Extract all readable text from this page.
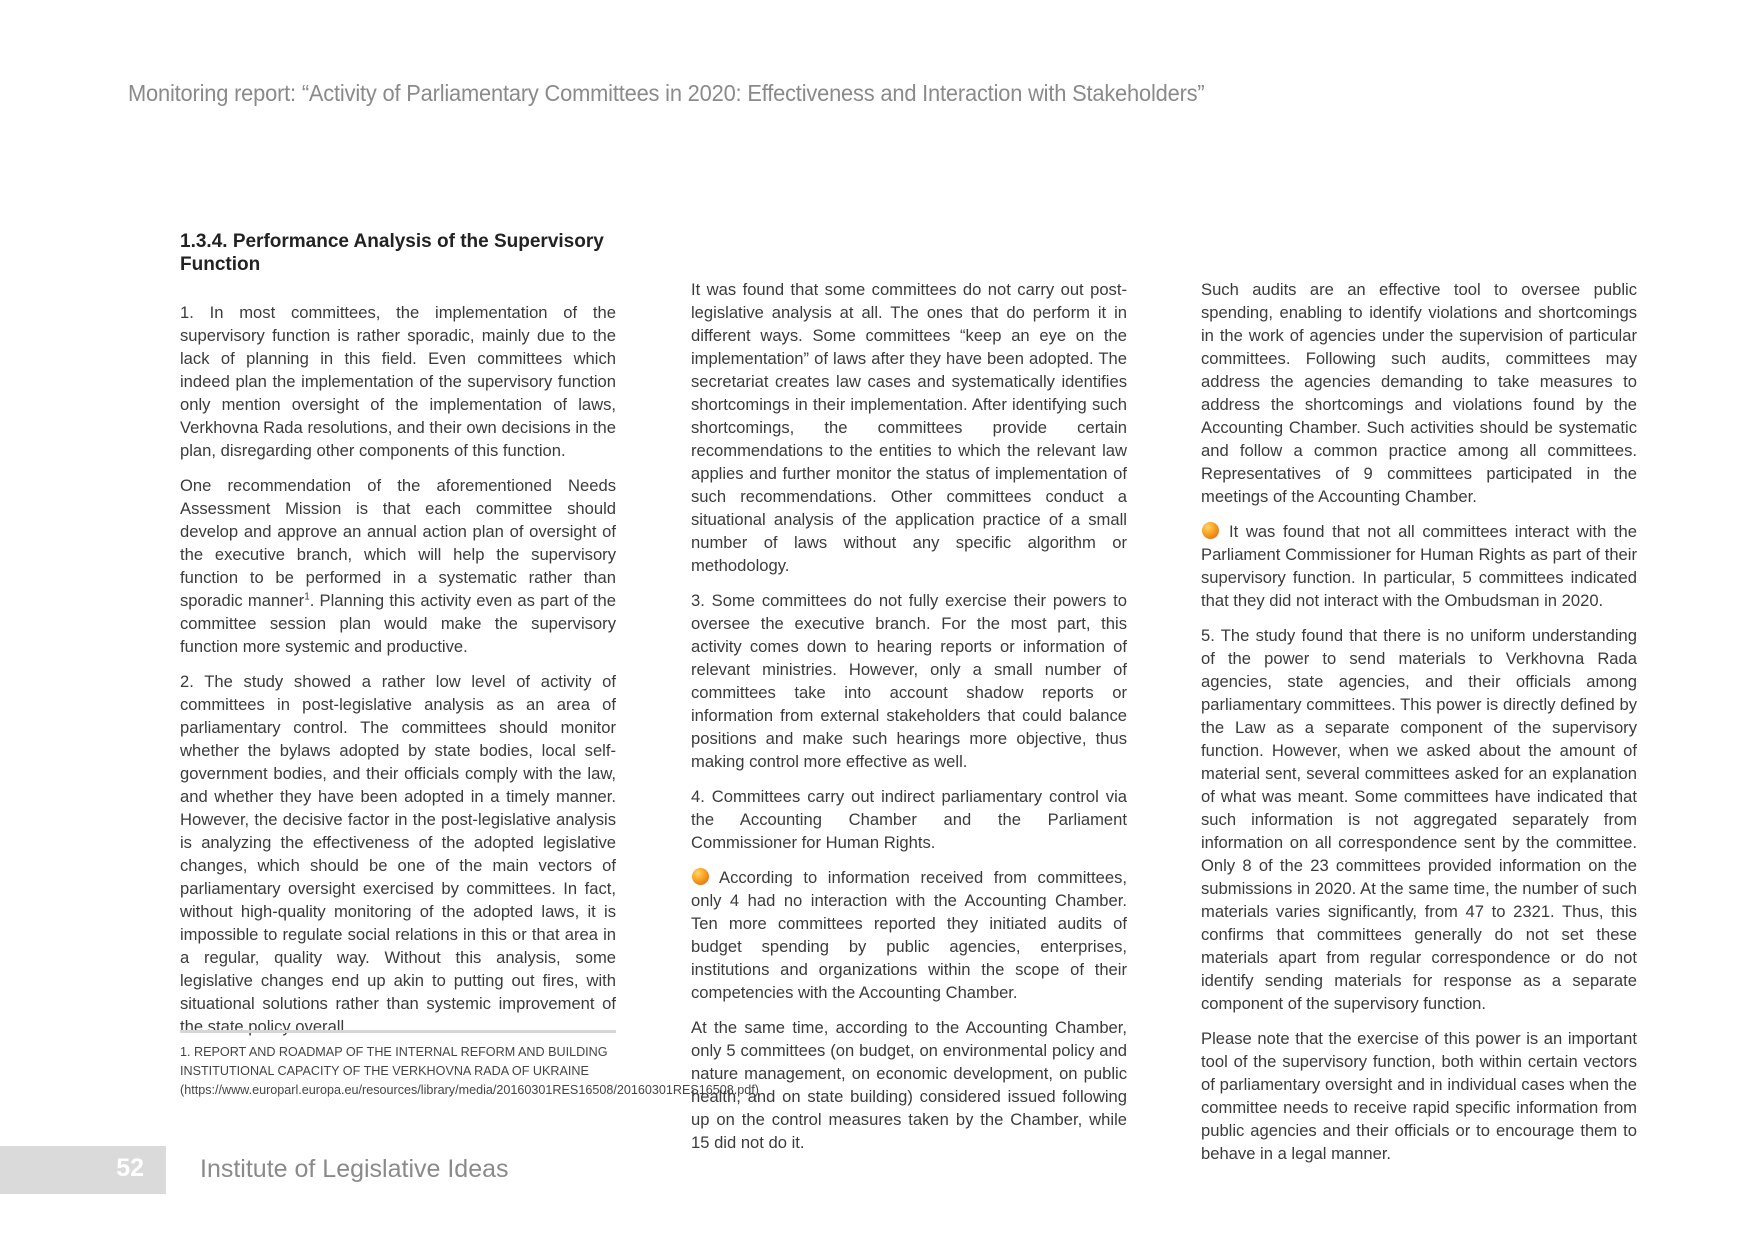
Monitoring report: “Activity of Parliamentary Committees in 2020: Effectiveness and Interaction with Stakeholders”
1.3.4. Performance Analysis of the Supervisory Function

1. In most committees, the implementation of the supervisory function is rather sporadic, mainly due to the lack of planning in this field. Even committees which indeed plan the implementation of the supervisory function only mention oversight of the implementation of laws, Verkhovna Rada resolutions, and their own decisions in the plan, disregarding other components of this function.

One recommendation of the aforementioned Needs Assessment Mission is that each committee should develop and approve an annual action plan of oversight of the executive branch, which will help the supervisory function to be performed in a systematic rather than sporadic manner$^1$. Planning this activity even as part of the committee session plan would make the supervisory function more systemic and productive.

2. The study showed a rather low level of activity of committees in post-legislative analysis as an area of parliamentary control. The committees should monitor whether the bylaws adopted by state bodies, local self-government bodies, and their officials comply with the law, and whether they have been adopted in a timely manner. However, the decisive factor in the post-legislative analysis is analyzing the effectiveness of the adopted legislative changes, which should be one of the main vectors of parliamentary oversight exercised by committees. In fact, without high-quality monitoring of the adopted laws, it is impossible to regulate social relations in this or that area in a regular, quality way. Without this analysis, some legislative changes end up akin to putting out fires, with situational solutions rather than systemic improvement of the state policy overall.

1. REPORT AND ROADMAP OF THE INTERNAL REFORM AND BUILDING INSTITUTIONAL CAPACITY OF THE VERKHOVNA RADA OF UKRAINE (https://www.europarl.europa.eu/resources/library/media/20160301RES16508/20160301RES16508.pdf)

It was found that some committees do not carry out post-legislative analysis at all. The ones that do perform it in different ways. Some committees “keep an eye on the implementation” of laws after they have been adopted. The secretariat creates law cases and systematically identifies shortcomings in their implementation. After identifying such shortcomings, the committees provide certain recommendations to the entities to which the relevant law applies and further monitor the status of implementation of such recommendations. Other committees conduct a situational analysis of the application practice of a small number of laws without any specific algorithm or methodology.

3. Some committees do not fully exercise their powers to oversee the executive branch. For the most part, this activity comes down to hearing reports or information of relevant ministries. However, only a small number of committees take into account shadow reports or information from external stakeholders that could balance positions and make such hearings more objective, thus making control more effective as well.

4. Committees carry out indirect parliamentary control via the Accounting Chamber and the Parliament Commissioner for Human Rights.

According to information received from committees, only 4 had no interaction with the Accounting Chamber. Ten more committees reported they initiated audits of budget spending by public agencies, enterprises, institutions and organizations within the scope of their competencies with the Accounting Chamber.

At the same time, according to the Accounting Chamber, only 5 committees (on budget, on environmental policy and nature management, on economic development, on public health, and on state building) considered issued following up on the control measures taken by the Chamber, while 15 did not do it.

Such audits are an effective tool to oversee public spending, enabling to identify violations and shortcomings in the work of agencies under the supervision of particular committees. Following such audits, committees may address the agencies demanding to take measures to address the shortcomings and violations found by the Accounting Chamber. Such activities should be systematic and follow a common practice among all committees. Representatives of 9 committees participated in the meetings of the Accounting Chamber.

It was found that not all committees interact with the Parliament Commissioner for Human Rights as part of their supervisory function. In particular, 5 committees indicated that they did not interact with the Ombudsman in 2020.

5. The study found that there is no uniform understanding of the power to send materials to Verkhovna Rada agencies, state agencies, and their officials among parliamentary committees. This power is directly defined by the Law as a separate component of the supervisory function. However, when we asked about the amount of material sent, several committees asked for an explanation of what was meant. Some committees have indicated that such information is not aggregated separately from information on all correspondence sent by the committee. Only 8 of the 23 committees provided information on the submissions in 2020. At the same time, the number of such materials varies significantly, from 47 to 2321. Thus, this confirms that committees generally do not set these materials apart from regular correspondence or do not identify sending materials for response as a separate component of the supervisory function.

Please note that the exercise of this power is an important tool of the supervisory function, both within certain vectors of parliamentary oversight and in individual cases when the committee needs to receive rapid specific information from public agencies and their officials or to encourage them to behave in a legal manner.

52 Institute of Legislative Ideas
